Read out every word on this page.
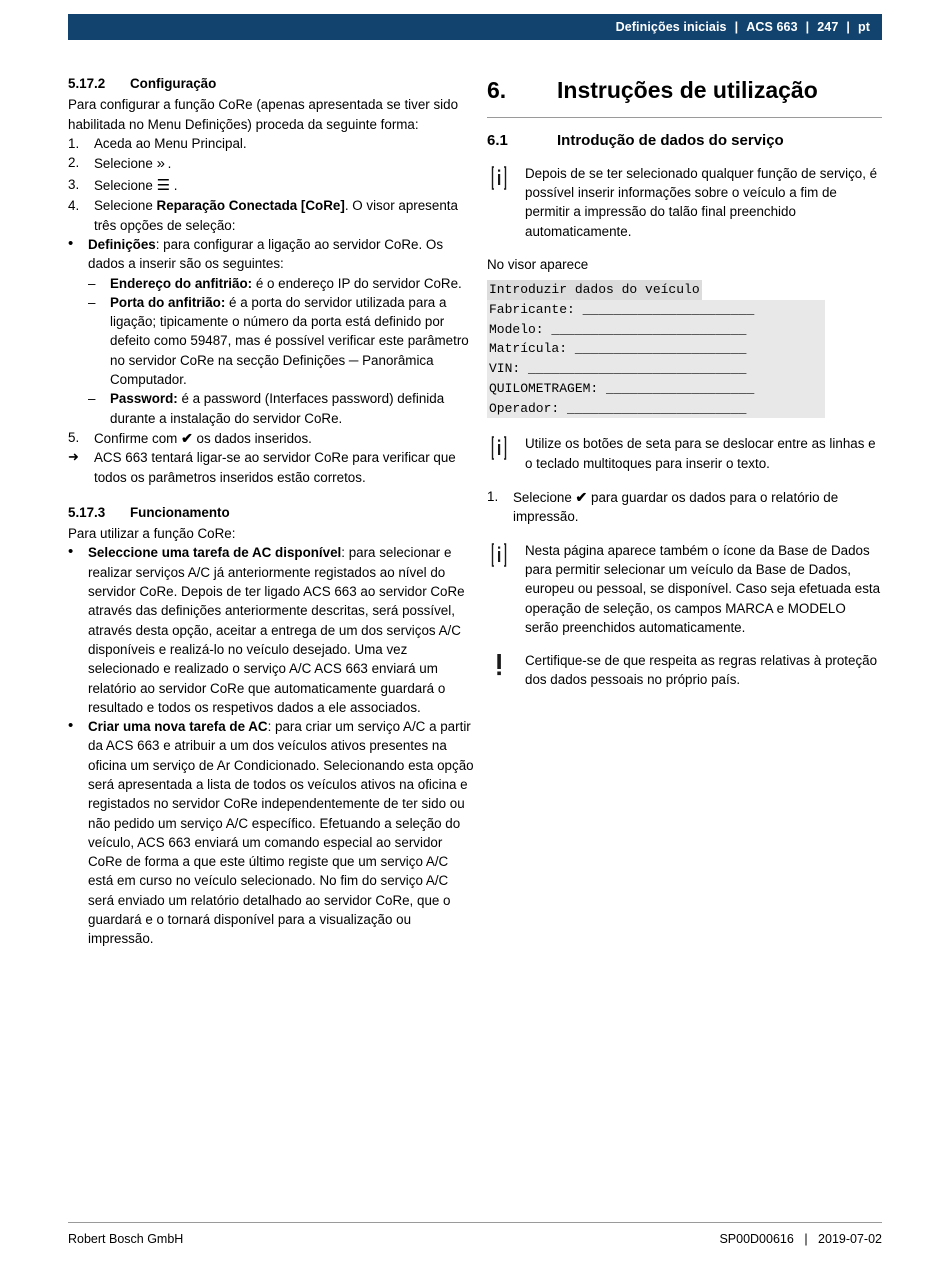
Definições iniciais | ACS 663 | 247 | pt
5.17.2 Configuração

Para configurar a função CoRe (apenas apresentada se tiver sido habilitada no Menu Definições) proceda da seguinte forma:

1.	Aceda ao Menu Principal.
2.	Selecione » .
3.	Selecione ☰ .
4.	Selecione Reparação Conectada [CoRe]. O visor apresenta três opções de seleção:
•	Definições: para configurar a ligação ao servidor CoRe. Os dados a inserir são os seguintes:
–	Endereço do anfitrião: é o endereço IP do servidor CoRe.
–	Porta do anfitrião: é a porta do servidor utilizada para a ligação; tipicamente o número da porta está definido por defeito como 59487, mas é possível verificar este parâmetro no servidor CoRe na secção Definições ─ Panorâmica Computador.
–	Password: é a password (Interfaces password) definida durante a instalação do servidor CoRe.
5.	Confirme com ✔ os dados inseridos.
➜	ACS 663 tentará ligar-se ao servidor CoRe para verificar que todos os parâmetros inseridos estão corretos.
5.17.3 Funcionamento

Para utilizar a função CoRe:

•	Seleccione uma tarefa de AC disponível: para selecionar e realizar serviços A/C já anteriormente registados ao nível do servidor CoRe. Depois de ter ligado ACS 663 ao servidor CoRe através das definições anteriormente descritas, será possível, através desta opção, aceitar a entrega de um dos serviços A/C disponíveis e realizá-lo no veículo desejado. Uma vez selecionado e realizado o serviço A/C ACS 663 enviará um relatório ao servidor CoRe que automaticamente guardará o resultado e todos os respetivos dados a ele associados.
•	Criar uma nova tarefa de AC: para criar um serviço A/C a partir da ACS 663 e atribuir a um dos veículos ativos presentes na oficina um serviço de Ar Condicionado. Selecionando esta opção será apresentada a lista de todos os veículos ativos na oficina e registados no servidor CoRe independentemente de ter sido ou não pedido um serviço A/C específico. Efetuando a seleção do veículo, ACS 663 enviará um comando especial ao servidor CoRe de forma a que este último registe que um serviço A/C está em curso no veículo selecionado. No fim do serviço A/C será enviado um relatório detalhado ao servidor CoRe, que o guardará e o tornará disponível para a visualização ou impressão.
6.	Instruções de utilização
6.1	Introdução de dados do serviço
Depois de se ter selecionado qualquer função de serviço, é possível inserir informações sobre o veículo a fim de permitir a impressão do talão final preenchido automaticamente.
No visor aparece
Introduzir dados do veículo
Fabricante: ______________________
Modelo: _________________________
Matrícula: ______________________
VIN: ____________________________
QUILOMETRAGEM: ___________________
Operador: _______________________
Utilize os botões de seta para se deslocar entre as linhas e o teclado multitoques para inserir o texto.
1.	Selecione ✔ para guardar os dados para o relatório de impressão.
Nesta página aparece também o ícone da Base de Dados para permitir selecionar um veículo da Base de Dados, europeu ou pessoal, se disponível. Caso seja efetuada esta operação de seleção, os campos MARCA e MODELO serão preenchidos automaticamente.
Certifique-se de que respeita as regras relativas à proteção dos dados pessoais no próprio país.
Robert Bosch GmbH	SP00D00616 | 2019-07-02
